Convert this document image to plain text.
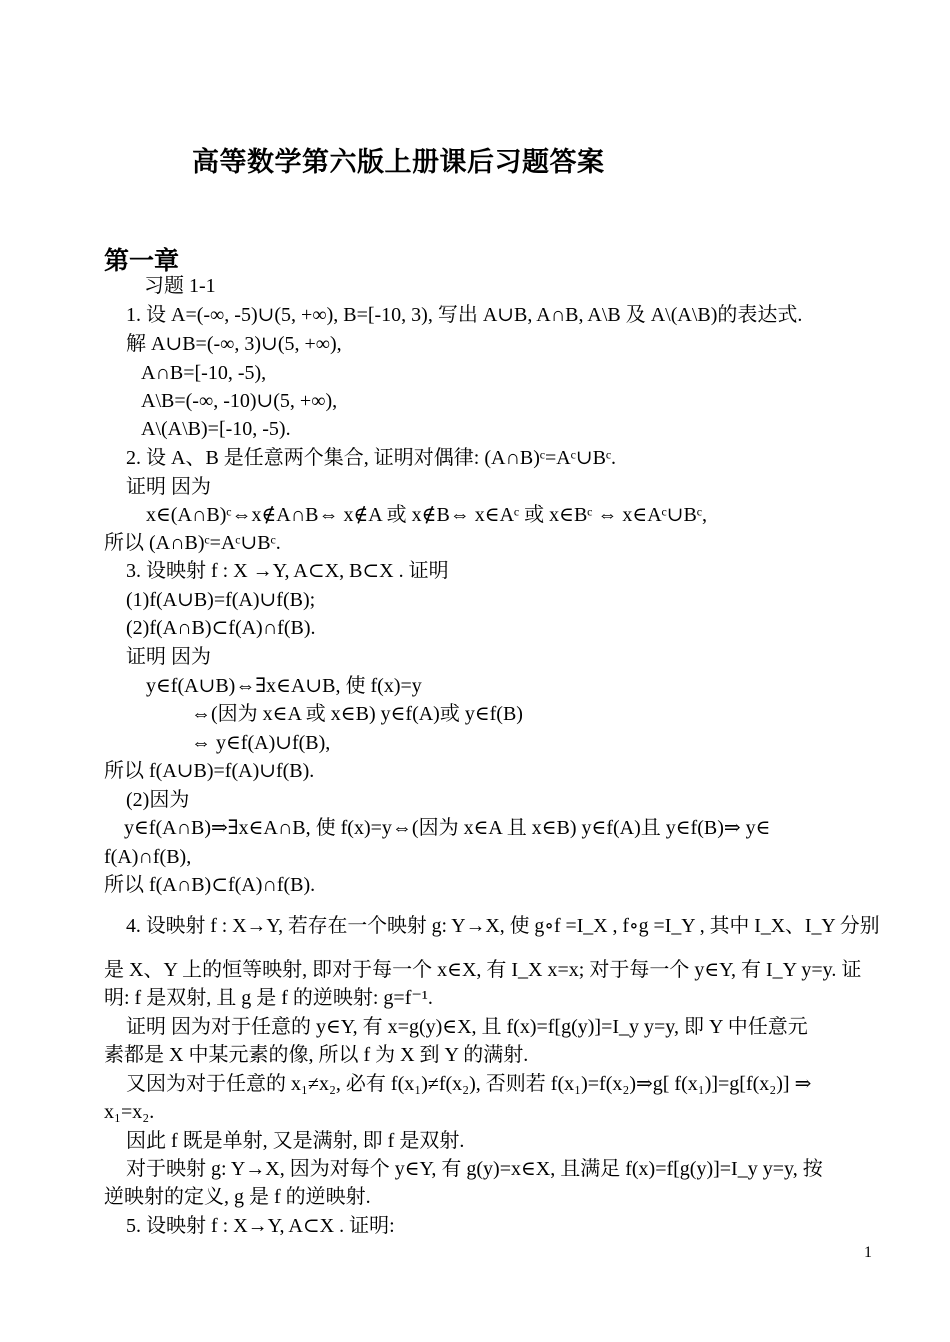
高等数学第六版上册课后习题答案
第一章
习题 1-1
1. 设 A=(-∞, -5)∪(5, +∞), B=[-10, 3), 写出 A∪B, A∩B, A\B 及 A\(A\B)的表达式.
解 A∪B=(-∞, 3)∪(5, +∞),
A∩B=[-10, -5),
A\B=(-∞, -10)∪(5, +∞),
A\(A\B)=[-10, -5).
2. 设 A、B 是任意两个集合, 证明对偶律: (A∩B)ᶜ=Aᶜ∪Bᶜ.
证明 因为
x∈(A∩B)ᶜ⇔x∉A∩B⇔ x∉A 或 x∉B⇔ x∈Aᶜ 或 x∈Bᶜ ⇔ x∈Aᶜ∪Bᶜ,
所以 (A∩B)ᶜ=Aᶜ∪Bᶜ.
3. 设映射 f : X →Y, A⊂X, B⊂X . 证明
(1)f(A∪B)=f(A)∪f(B);
(2)f(A∩B)⊂f(A)∩f(B).
证明 因为
y∈f(A∪B)⇔∃x∈A∪B, 使 f(x)=y
⇔(因为 x∈A 或 x∈B) y∈f(A)或 y∈f(B)
⇔ y∈f(A)∪f(B),
所以 f(A∪B)=f(A)∪f(B).
(2)因为
y∈f(A∩B)⇒∃x∈A∩B, 使 f(x)=y⇔(因为 x∈A 且 x∈B) y∈f(A)且 y∈f(B)⇒ y∈
f(A)∩f(B),
所以 f(A∩B)⊂f(A)∩f(B).
4. 设映射 f : X→Y, 若存在一个映射 g: Y→X, 使 g∘f =I_X , f∘g =I_Y , 其中 I_X、I_Y 分别
是 X、Y 上的恒等映射, 即对于每一个 x∈X, 有 I_X x=x; 对于每一个 y∈Y, 有 I_Y y=y. 证
明: f 是双射, 且 g 是 f 的逆映射: g=f⁻¹.
证明 因为对于任意的 y∈Y, 有 x=g(y)∈X, 且 f(x)=f[g(y)]=I_y y=y, 即 Y 中任意元
素都是 X 中某元素的像, 所以 f 为 X 到 Y 的满射.
又因为对于任意的 x₁≠x₂, 必有 f(x₁)≠f(x₂), 否则若 f(x₁)=f(x₂)⇒g[ f(x₁)]=g[f(x₂)] ⇒
x₁=x₂.
因此 f 既是单射, 又是满射, 即 f 是双射.
对于映射 g: Y→X, 因为对每个 y∈Y, 有 g(y)=x∈X, 且满足 f(x)=f[g(y)]=I_y y=y, 按
逆映射的定义, g 是 f 的逆映射.
5. 设映射 f : X→Y, A⊂X . 证明:
1
